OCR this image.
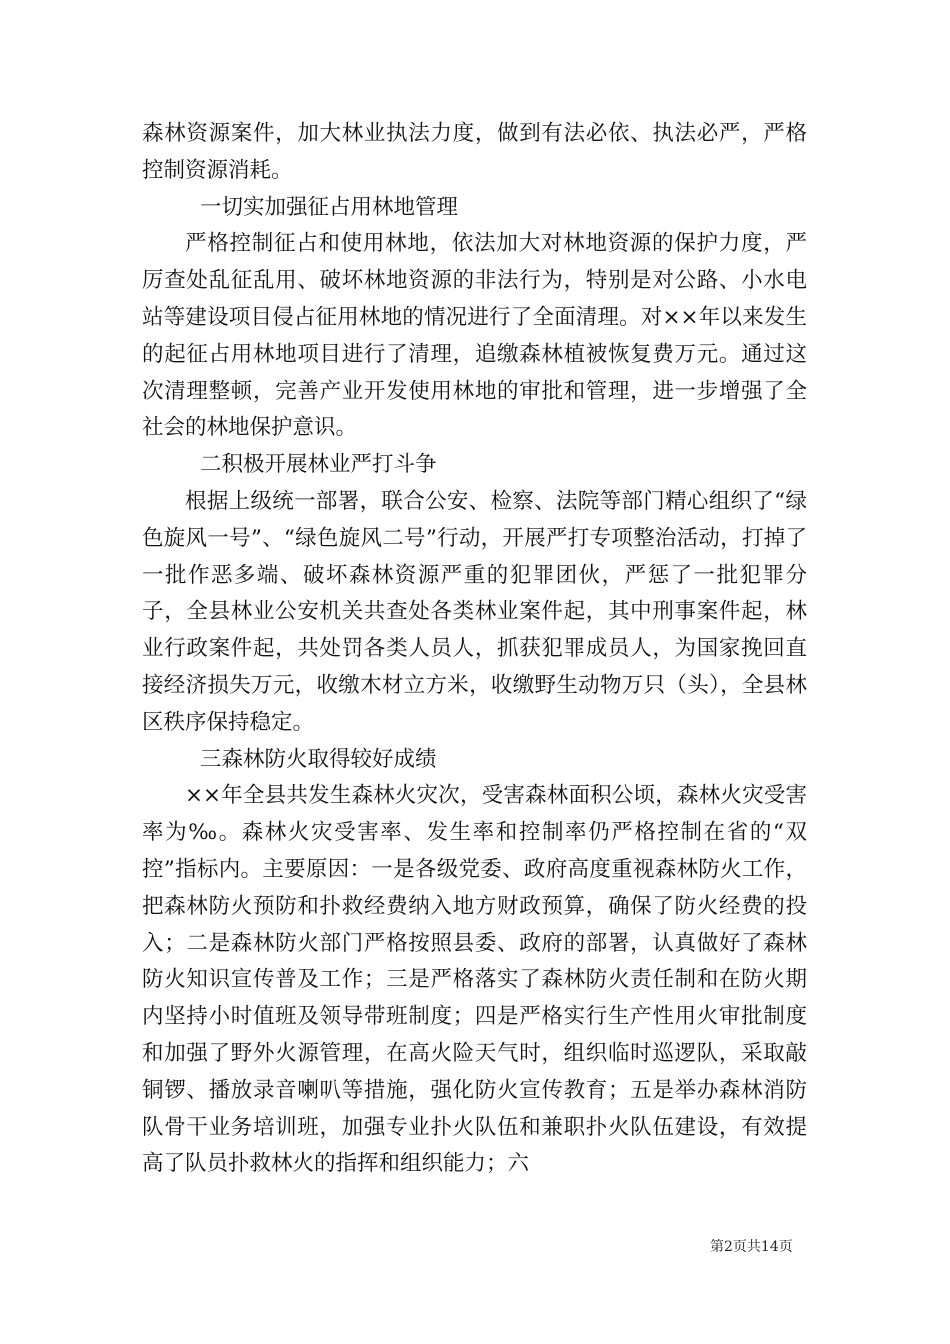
森林资源案件，加大林业执法力度，做到有法必依、执法必严，严格控制资源消耗。

一切实加强征占用林地管理

严格控制征占和使用林地，依法加大对林地资源的保护力度，严厉查处乱征乱用、破坏林地资源的非法行为，特别是对公路、小水电站等建设项目侵占征用林地的情况进行了全面清理。对××年以来发生的起征占用林地项目进行了清理，追缴森林植被恢复费万元。通过这次清理整顿，完善产业开发使用林地的审批和管理，进一步增强了全社会的林地保护意识。

二积极开展林业严打斗争

根据上级统一部署，联合公安、检察、法院等部门精心组织了“绿色旋风一号”、“绿色旋风二号”行动，开展严打专项整治活动，打掉了一批作恶多端、破坏森林资源严重的犯罪团伙，严惩了一批犯罪分子，全县林业公安机关共查处各类林业案件起，其中刑事案件起，林业行政案件起，共处罚各类人员人，抓获犯罪成员人，为国家挽回直接经济损失万元，收缴木材立方米，收缴野生动物万只（头），全县林区秩序保持稳定。

三森林防火取得较好成绩

××年全县共发生森林火灾次，受害森林面积公顷，森林火灾受害率为‰。森林火灾受害率、发生率和控制率仍严格控制在省的“双控”指标内。主要原因：一是各级党委、政府高度重视森林防火工作，把森林防火预防和扑救经费纳入地方财政预算，确保了防火经费的投入；二是森林防火部门严格按照县委、政府的部署，认真做好了森林防火知识宣传普及工作；三是严格落实了森林防火责任制和在防火期内坚持小时值班及领导带班制度；四是严格实行生产性用火审批制度和加强了野外火源管理，在高火险天气时，组织临时巡逻队，采取敲铜锣、播放录音喇叭等措施，强化防火宣传教育；五是举办森林消防队骨干业务培训班，加强专业扑火队伍和兼职扑火队伍建设，有效提高了队员扑救林火的指挥和组织能力；六

第2页共14页
